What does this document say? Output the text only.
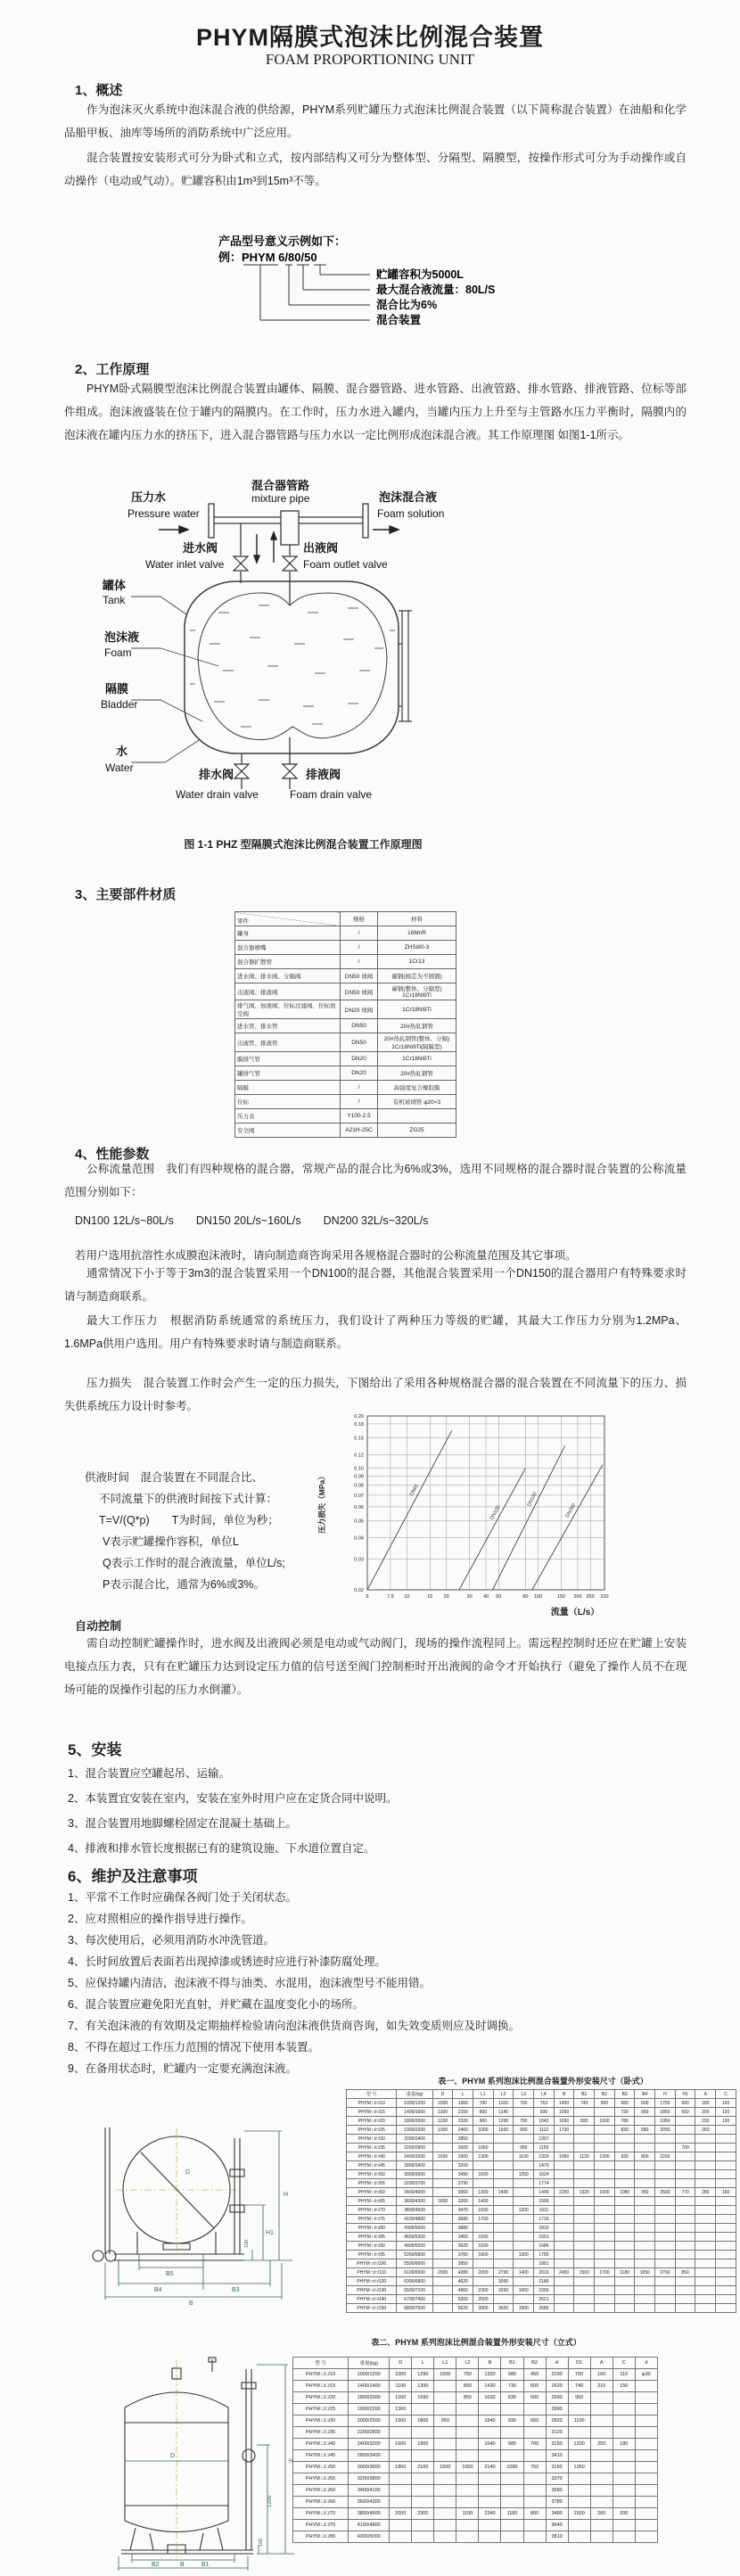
PHYM隔膜式泡沫比例混合装置
FOAM PROPORTIONING UNIT
1、概述
作为泡沫灭火系统中泡沫混合液的供给源，PHYM系列贮罐压力式泡沫比例混合装置（以下简称混合装置）在油船和化学品船甲板、油库等场所的消防系统中广泛应用。
混合装置按安装形式可分为卧式和立式，按内部结构又可分为整体型、分隔型、隔膜型，按操作形式可分为手动操作或自动操作（电动或气动）。贮罐容积由1m³到15m³不等。
产品型号意义示例如下：
例：PHYM 6/80/50
贮罐容积为5000L
最大混合液流量：80L/S
混合比为6%
混合装置
2、工作原理
PHYM卧式隔膜型泡沫比例混合装置由罐体、隔膜、混合器管路、进水管路、出液管路、排水管路、排液管路、位标等部件组成。泡沫液盛装在位于罐内的隔膜内。在工作时，压力水进入罐内，当罐内压力上升至与主管路水压力平衡时，隔膜内的泡沫液在罐内压力水的挤压下，进入混合器管路与压力水以一定比例形成泡沫混合液。其工作原理图 如图1-1所示。
压力水
Pressure water
混合器管路
mixture pipe	泡沫混合液
Foam solution
进水阀
Water inlet valve
出液阀
Foam outlet valve
罐体
Tank
泡沫液
Foam
隔膜
Bladder
水
Water	排水阀
Water drain valve
排液阀
Foam drain valve
图 1-1 PHZ 型隔膜式泡沫比例混合装置工作原理图
3、主要部件材质
零件	规格	材料
罐身	/	16MnR
混合器喷嘴	/	ZHSi80-3
混合器扩散管	/	1Cr13
进水阀、排水阀、分隔阀	DN50 球阀	碳钢(阀芯为不锈钢)
出液阀、排液阀	DN50 球阀	碳钢(整体、分隔型) 1Cr18Ni9Ti
排气阀、加液阀、位标过滤阀、位标放空阀	DN20 球阀	1Cr18Ni9Ti
进水管、排水管	DN50	20#热轧钢管
出液管、排液管	DN50	20#热轧钢管(整体、分隔) 1Cr18Ni9Ti(隔膜型)
膜排气管	DN20	1Cr18Ni9Ti
罐排气管	DN20	20#热轧钢管
隔膜	/	高强度复合橡胶膜
位标	/	有机玻璃管 φ20×3
压力表	Y100-2.5	
安全阀	A21H-25C	ZG25
4、性能参数
公称流量范围　我们有四种规格的混合器，常规产品的混合比为6%或3%，选用不同规格的混合器时混合装置的公称流量范围分别如下：
DN100 12L/s~80L/s　　DN150 20L/s~160L/s　　DN200 32L/s~320L/s
若用户选用抗溶性水成膜泡沫液时，请向制造商咨询采用各规格混合器时的公称流量范围及其它事项。
通常情况下小于等于3m3的混合装置采用一个DN100的混合器，其他混合装置采用一个DN150的混合器用户有特殊要求时请与制造商联系。
最大工作压力　根据消防系统通常的系统压力，我们设计了两种压力等级的贮罐，其最大工作压力分别为1.2MPa、1.6MPa供用户选用。用户有特殊要求时请与制造商联系。
压力损失　混合装置工作时会产生一定的压力损失，下图给出了采用各种规格混合器的混合装置在不同流量下的压力、损失供系统压力设计时参考。
供液时间　混合装置在不同混合比、
不同流量下的供液时间按下式计算：
T=V/(Q*p)　　T为时间，单位为秒；
V表示贮罐操作容积，单位L
Q表示工作时的混合液流量，单位L/s;
P表示混合比，通常为6%或3%。	0.02
0.03
0.04
0.05
0.06
0.07
0.08
0.09
0.10
0.12
0.15
0.18
0.20
5	7.5 10	15 20	30 40 50	80 100	150 200 250 320
压力损失（MPa）
流量（L/s）
DN65
DN100
DN150
DN200
自动控制
需自动控制贮罐操作时，进水阀及出液阀必须是电动或气动阀门，现场的操作流程同上。需远程控制时还应在贮罐上安装电接点压力表，只有在贮罐压力达到设定压力值的信号送至阀门控制柜时开出液阀的命令才开始执行（避免了操作人员不在现场可能的误操作引起的压力水倒灌）。
5、安装
1、混合装置应空罐起吊、运输。
2、本装置宜安装在室内，安装在室外时用户应在定货合同中说明。
3、混合装置用地脚螺栓固定在混凝土基础上。
4、排液和排水管长度根据已有的建筑设施、下水道位置自定。
6、维护及注意事项
1、平常不工作时应确保各阀门处于关闭状态。
2、应对照相应的操作指导进行操作。
3、每次使用后，必须用消防水冲洗管道。
4、长时间放置后表面若出现掉漆或锈迹时应进行补漆防腐处理。
5、应保持罐内清洁，泡沫液不得与油类、水混用，泡沫液型号不能用错。
6、混合装置应避免阳光直射，并贮藏在温度变化小的场所。
7、有关泡沫液的有效期及定期抽样检验请向泡沫液供货商咨询，如失效变质则应及时调换。
8、不得在超过工作压力范围的情况下使用本装置。
9、在备用状态时，贮罐内一定要充满泡沫液。
表一、PHYM 系列泡沫比例混合装置外形安装尺寸（卧式）
型 号	重量(kg)	D	L	L1	L2	L3	L4	B	B1	B2	B3	B4	H	H1	A	C
PHYM □/□/10	1000/1200	1000	1360	700	1100	700	763	1450	740	900	680	600	1750	600	180	100
PHYM □/□/15	1400/1600	1100	2150	800	1140		930	1550			730	650	1850	650	200	120
PHYM □/□/20	1800/2000	1200	2320	900	1200	750	1042	1650	820	1000	780		1950		230	130
PHYM □/□/25	1900/2200	1300	2460	1000	1600	900	1112	1730			830	680	2050		260	
PHYM □/□/30	2000/2400		2850				1307									
PHYM □/□/35	2200/2800		2600	1060		950	1159							700		
PHYM □/□/40	2400/3200	1500	2900	1300		1100	1329	1950	1120	1300	930	800	2260			
PHYM □/□/45	2800/3400		3200				1479									
PHYM □/□/50	3000/3500		3490	1600		1250	1624									
PHYM □/□/55	3200/3700		3790				1774									
PHYM □/□/60	3400/4000		3060	1300	2400		1406	2250	1320	1500	1080	950	2560	770	280	160
PHYM □/□/65	3600/4300	1800	3260	1400			1506									
PHYM □/□/70	3800/4500		3470	1500		1200	1611									
PHYM □/□/75	4100/4800		3680	1700			1716									
PHYM □/□/80	4300/5000		3880				1816									
PHYM □/□/85	4600/5300		3450	1500			1601									
PHYM □/□/90	4900/5500		3620	1600			1686									
PHYM □/□/95	5200/5800		3780	1800		1300	1765									
PHYM □/□/100	5500/6000		3950				1851									
PHYM □/□/110	6100/6500	2000	4280	2000	2700	1400	2016	2450	1500	1700	1180	1050	2760	850		
PHYM □/□/120	6300/6800		4620		3000		2186									
PHYM □/□/130	6500/7100		4960	2300	3200	1650	2356									
PHYM □/□/140	6700/7400		5200	2500			2521									
PHYM □/□/150	6800/7500		5620	3000	3600	1900	2686									
D
H
H1
100
B5
B4	B3
B
表二、PHYM 系列泡沫比例混合装置外形安装尺寸（立式）
型 号	重量(kg)	D	L	L1	L2	B	B1	B2	H	D1	A	C	d
PHYM □/□/10	1000/1200	1000	1290	1000	750	1330	680	450	2290	700	160	110	φ30
PHYM □/□/15	1400/1400	1100	1390		800	1430	730	500	2620	740	210	150	
PHYM □/□/20	1800/2000	1200	1590		850	1630	830	600	2590	950			
PHYM □/□/25	1900/2200	1300							2990				
PHYM □/□/30	2000/2500	1500	1800	950		1840	930	650	2820	1100			
PHYM □/□/35	2200/2800								3120				
PHYM □/□/40	2400/3200	1600	1900			1640	980	700	3150	1200	250	180	
PHYM □/□/45	2800/3400								3410				
PHYM □/□/50	3000/3600	1800	2100	1500	1000	2140	1080	750	3160	1350			
PHYM □/□/55	3200/3800								3370				
PHYM □/□/60	3400/4100								3580				
PHYM □/□/65	3600/4300								3780				
PHYM □/□/70	3800/4500	2000	2300		1100	2340	1180	800	3480	1500	260	200	
PHYM □/□/75	4100/4800								3640				
PHYM □/□/80	4300/5000								3810				
D
H
1200
100
B2	B1
B
